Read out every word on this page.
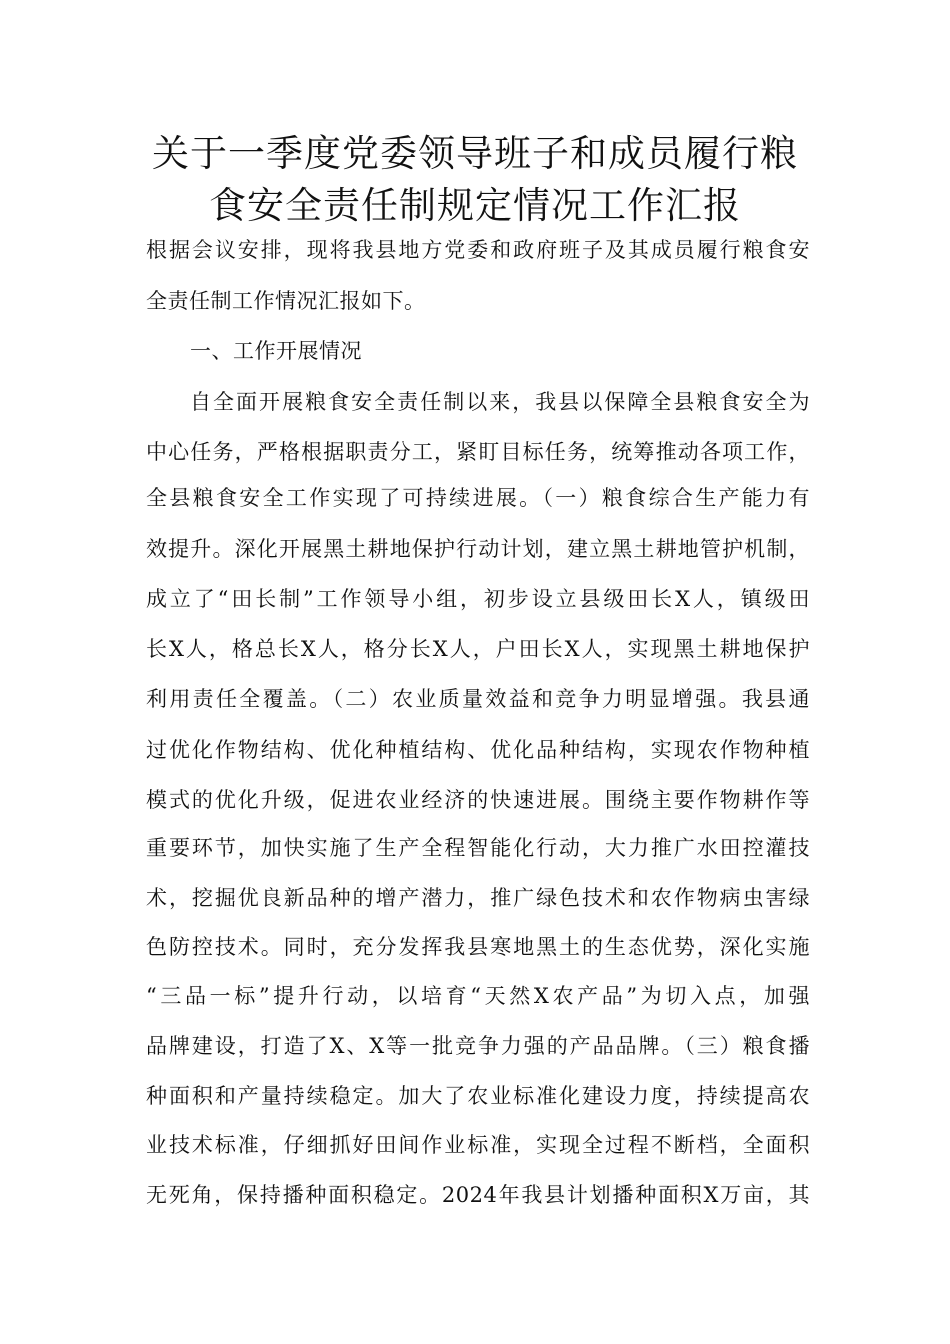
关于一季度党委领导班子和成员履行粮
食安全责任制规定情况工作汇报
根据会议安排，现将我县地方党委和政府班子及其成员履行粮食安
全责任制工作情况汇报如下。
一、工作开展情况
自全面开展粮食安全责任制以来，我县以保障全县粮食安全为
中心任务，严格根据职责分工，紧盯目标任务，统筹推动各项工作，
全县粮食安全工作实现了可持续进展。（一）粮食综合生产能力有
效提升。深化开展黑土耕地保护行动计划，建立黑土耕地管护机制，
成立了“田长制”工作领导小组，初步设立县级田长X人，镇级田
长X人，格总长X人，格分长X人，户田长X人，实现黑土耕地保护
利用责任全覆盖。（二）农业质量效益和竞争力明显增强。我县通
过优化作物结构、优化种植结构、优化品种结构，实现农作物种植
模式的优化升级，促进农业经济的快速进展。围绕主要作物耕作等
重要环节，加快实施了生产全程智能化行动，大力推广水田控灌技
术，挖掘优良新品种的增产潜力，推广绿色技术和农作物病虫害绿
色防控技术。同时，充分发挥我县寒地黑土的生态优势，深化实施
“三品一标”提升行动，以培育“天然X农产品”为切入点，加强
品牌建设，打造了X、X等一批竞争力强的产品品牌。（三）粮食播
种面积和产量持续稳定。加大了农业标准化建设力度，持续提高农
业技术标准，仔细抓好田间作业标准，实现全过程不断档，全面积
无死角，保持播种面积稳定。2024年我县计划播种面积X万亩，其
